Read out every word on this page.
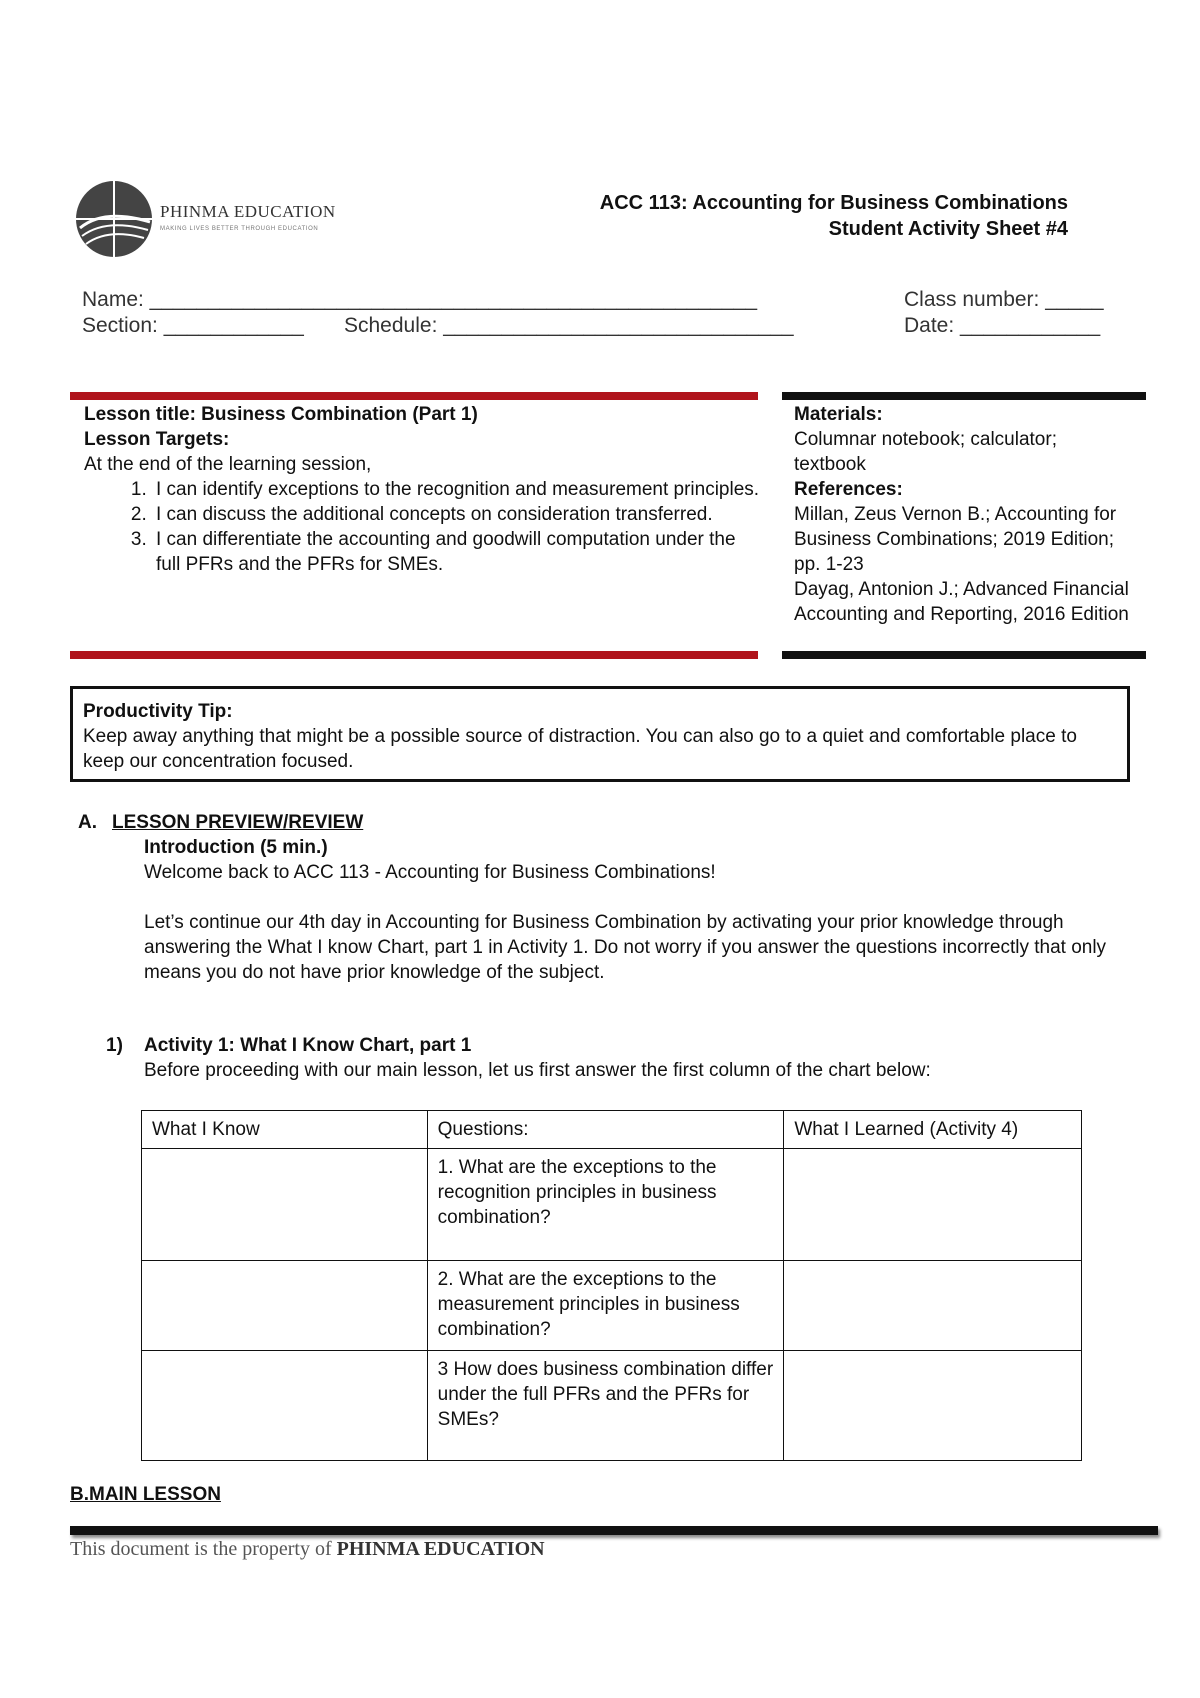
PHINMA EDUCATION
MAKING LIVES BETTER THROUGH EDUCATION
ACC 113: Accounting for Business Combinations
Student Activity Sheet #4
Name: ____________________________________________________	Class number: _____
Section: ____________ Schedule: ______________________________	Date: ____________
Lesson title: Business Combination (Part 1)
Lesson Targets:
At the end of the learning session,
1. I can identify exceptions to the recognition and measurement principles.
2. I can discuss the additional concepts on consideration transferred.
3. I can differentiate the accounting and goodwill computation under the full PFRs and the PFRs for SMEs.
Materials:
Columnar notebook; calculator; textbook
References:
Millan, Zeus Vernon B.; Accounting for Business Combinations; 2019 Edition; pp. 1-23
Dayag, Antonion J.; Advanced Financial Accounting and Reporting, 2016 Edition
Productivity Tip:
Keep away anything that might be a possible source of distraction. You can also go to a quiet and comfortable place to keep our concentration focused.
A. LESSON PREVIEW/REVIEW
Introduction (5 min.)
Welcome back to ACC 113 - Accounting for Business Combinations!
Let’s continue our 4th day in Accounting for Business Combination by activating your prior knowledge through answering the What I know Chart, part 1 in Activity 1. Do not worry if you answer the questions incorrectly that only means you do not have prior knowledge of the subject.
1) Activity 1: What I Know Chart, part 1
Before proceeding with our main lesson, let us first answer the first column of the chart below:
What I Know	Questions:	What I Learned (Activity 4)
	1. What are the exceptions to the recognition principles in business combination?	
	2. What are the exceptions to the measurement principles in business combination?	
	3 How does business combination differ under the full PFRs and the PFRs for SMEs?	
B.MAIN LESSON
This document is the property of PHINMA EDUCATION
